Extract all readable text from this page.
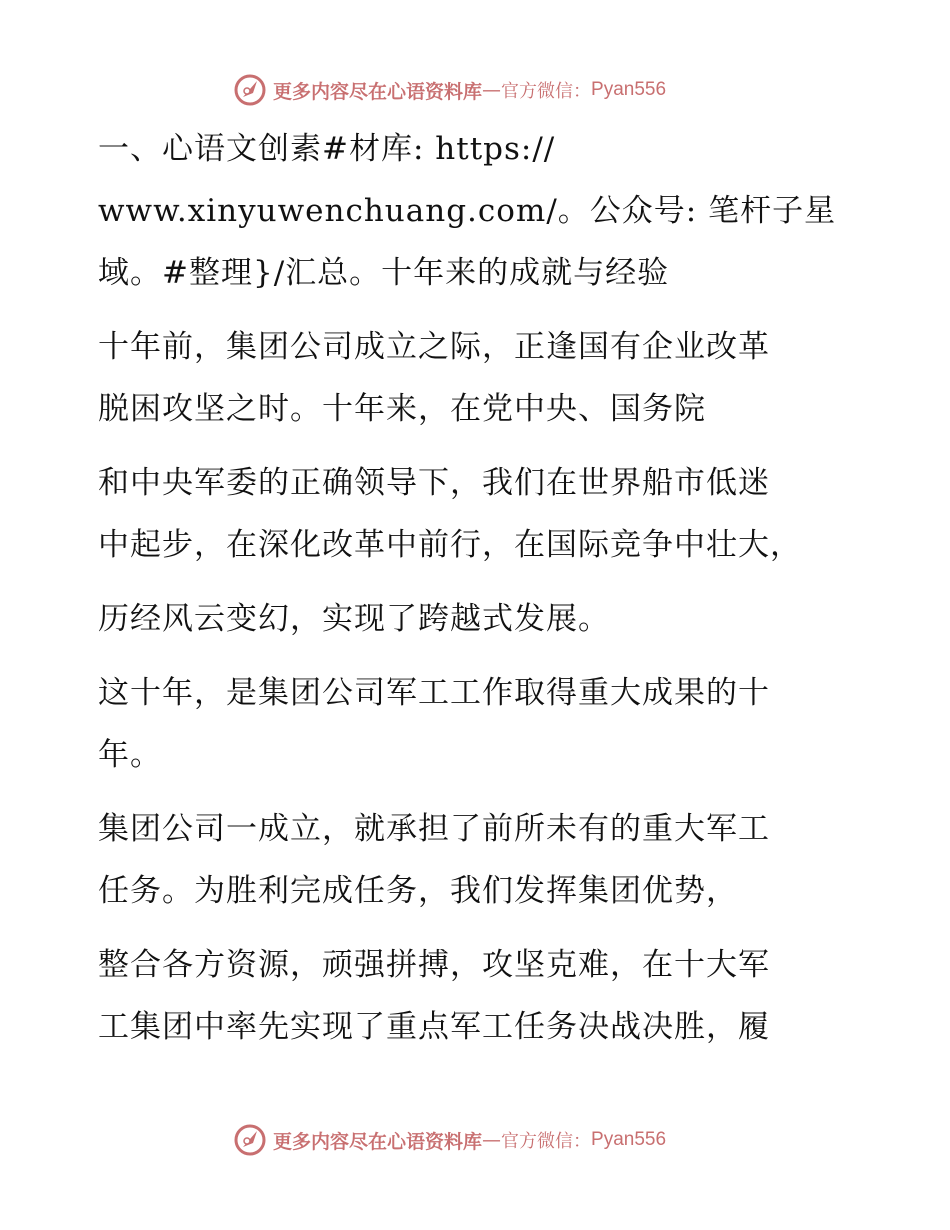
更多内容尽在心语资料库 — 官方微信： Pyan556

一、心语文创素#材库: https://
www.xinyuwenchuang.com/。公众号: 笔杆子星
域。#整理}/汇总。十年来的成就与经验

十年前，集团公司成立之际，正逢国有企业改革
脱困攻坚之时。十年来，在党中央、国务院

和中央军委的正确领导下，我们在世界船市低迷
中起步，在深化改革中前行，在国际竞争中壮大，

历经风云变幻，实现了跨越式发展。

这十年，是集团公司军工工作取得重大成果的十
年。

集团公司一成立，就承担了前所未有的重大军工
任务。为胜利完成任务，我们发挥集团优势，

整合各方资源，顽强拼搏，攻坚克难，在十大军
工集团中率先实现了重点军工任务决战决胜，履

更多内容尽在心语资料库 — 官方微信： Pyan556
